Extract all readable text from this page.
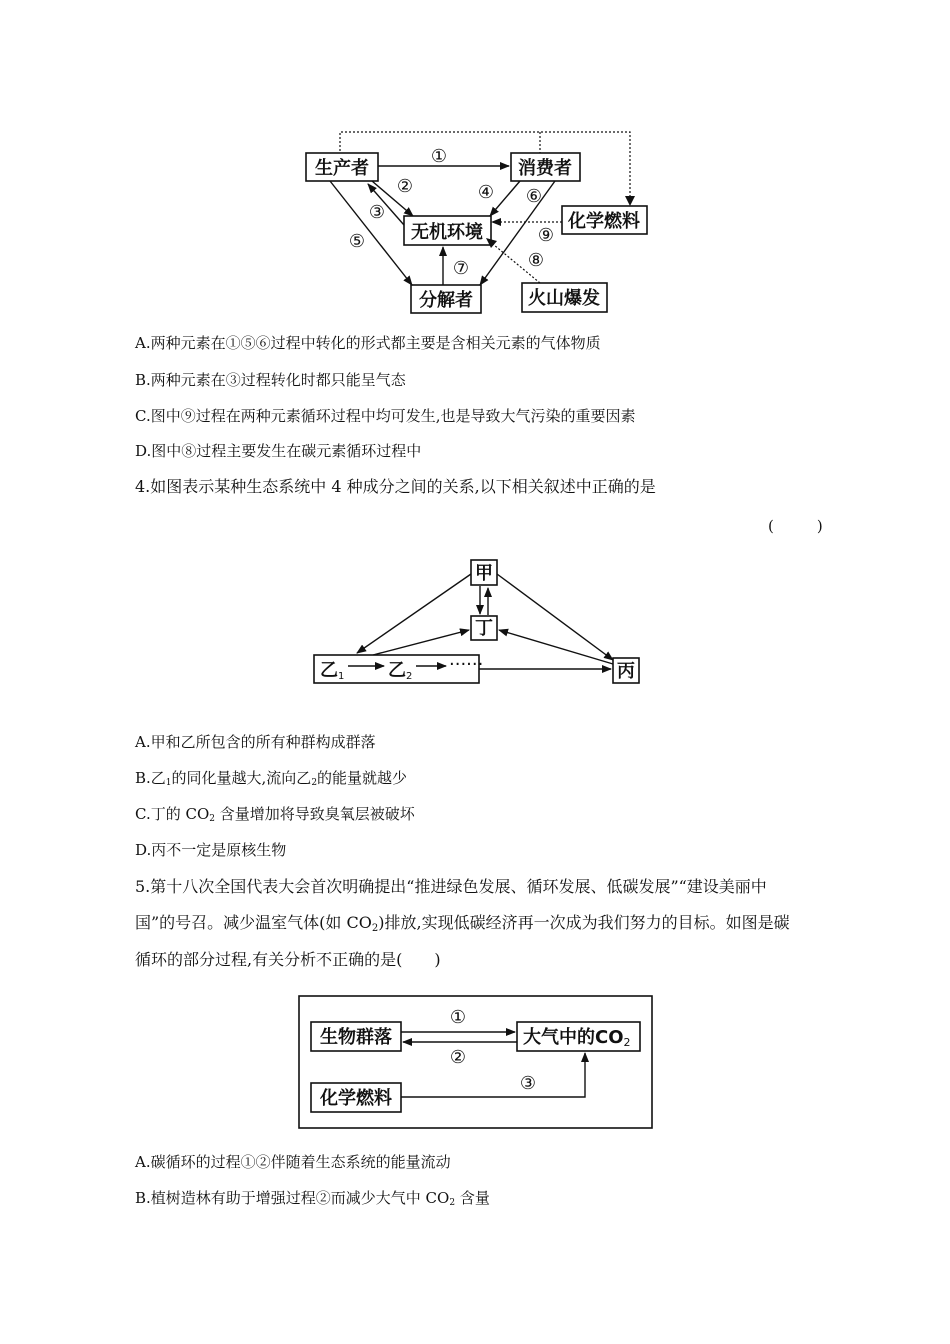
生产者	消费者
化学燃料
无机环境
分解者	火山爆发
①
②
③
④
⑤
⑥
⑦	⑧
⑨
甲
丁
丙
乙1 乙2
······
生物群落	大气中的CO2
化学燃料
①
②
③
A.两种元素在①⑤⑥过程中转化的形式都主要是含相关元素的气体物质
B.两种元素在③过程转化时都只能呈气态
C.图中⑨过程在两种元素循环过程中均可发生,也是导致大气污染的重要因素
D.图中⑧过程主要发生在碳元素循环过程中
4.如图表示某种生态系统中 4 种成分之间的关系,以下相关叙述中正确的是
(　)
A.甲和乙所包含的所有种群构成群落
B.乙$_1$的同化量越大,流向乙$_2$的能量就越少
C.丁的 $CO_2$ 含量增加将导致臭氧层被破坏
D.丙不一定是原核生物
5.第十八次全国代表大会首次明确提出“推进绿色发展、循环发展、低碳发展”“建设美丽中
国”的号召。减少温室气体(如 $CO_2$)排放,实现低碳经济再一次成为我们努力的目标。如图是碳
循环的部分过程,有关分析不正确的是(　　)
A.碳循环的过程①②伴随着生态系统的能量流动
B.植树造林有助于增强过程②而减少大气中 $CO_2$ 含量
